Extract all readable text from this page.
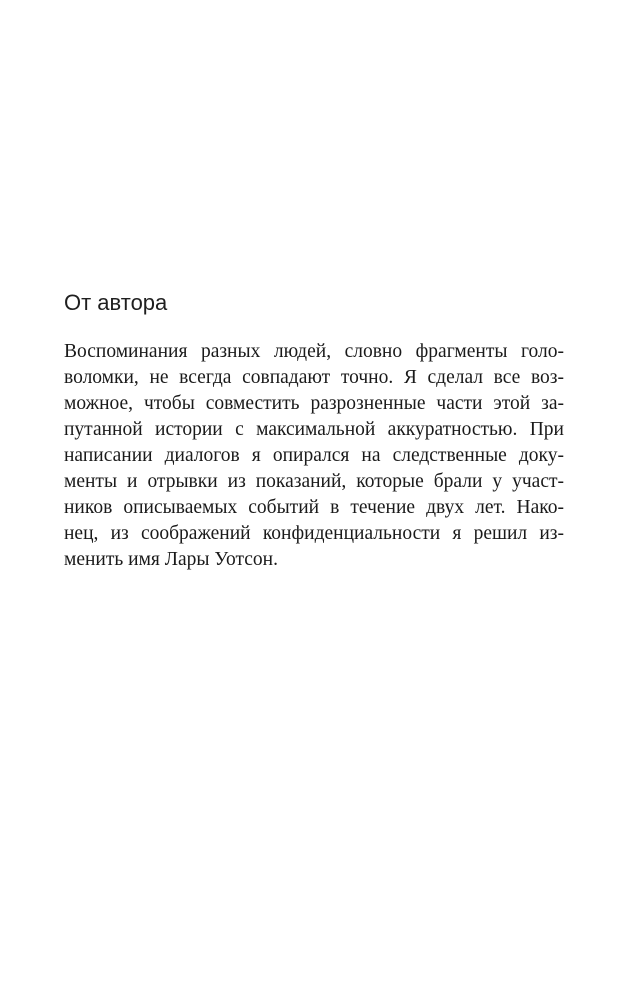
От автора
Воспоминания разных людей, словно фрагменты голо-
воломки, не всегда совпадают точно. Я сделал все воз-
можное, чтобы совместить разрозненные части этой за-
путанной истории с максимальной аккуратностью. При
написании диалогов я опирался на следственные доку-
менты и отрывки из показаний, которые брали у участ-
ников описываемых событий в течение двух лет. Нако-
нец, из соображений конфиденциальности я решил из-
менить имя Лары Уотсон.
